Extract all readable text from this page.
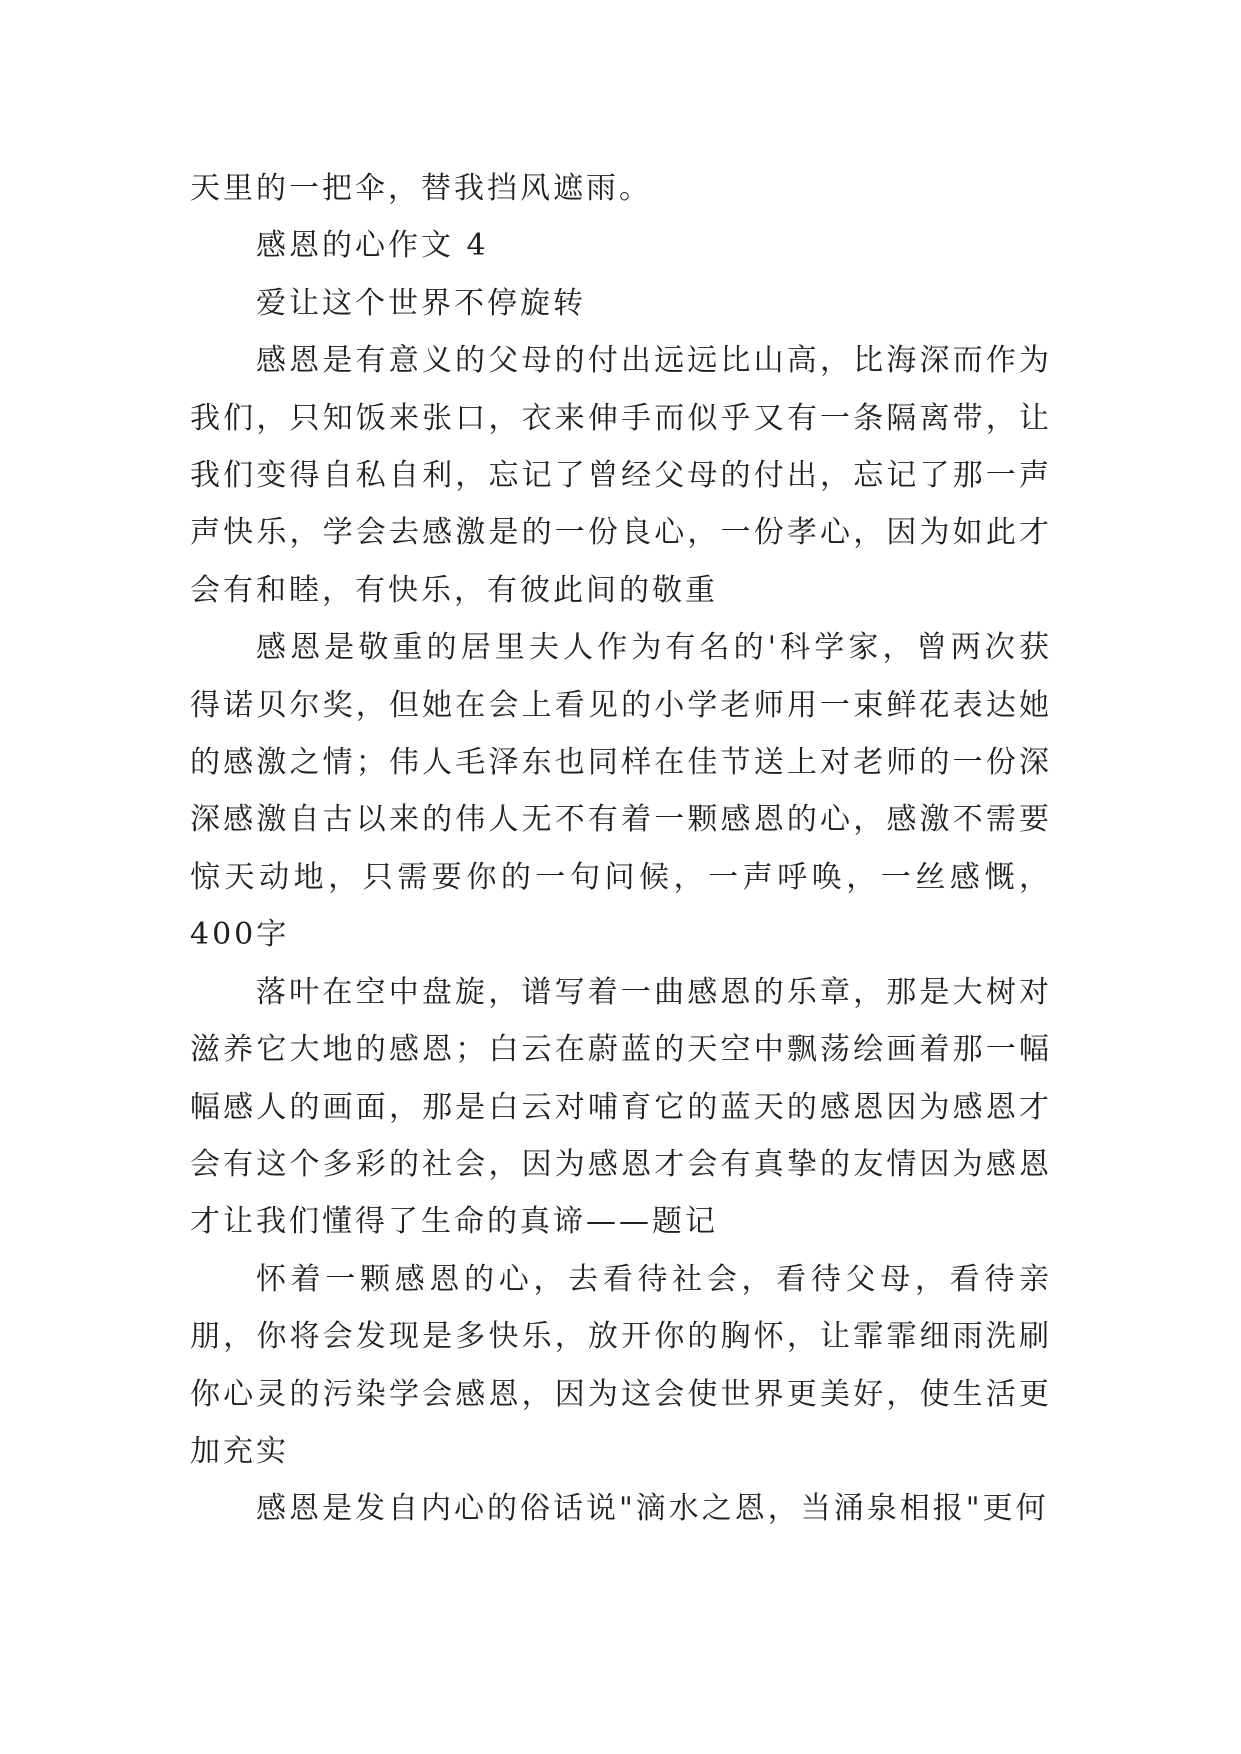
天里的一把伞，替我挡风遮雨。

感恩的心作文 4

爱让这个世界不停旋转

感恩是有意义的父母的付出远远比山高，比海深而作为我们，只知饭来张口，衣来伸手而似乎又有一条隔离带，让我们变得自私自利，忘记了曾经父母的付出，忘记了那一声声快乐，学会去感激是的一份良心，一份孝心，因为如此才会有和睦，有快乐，有彼此间的敬重

感恩是敬重的居里夫人作为有名的'科学家，曾两次获得诺贝尔奖，但她在会上看见的小学老师用一束鲜花表达她的感激之情；伟人毛泽东也同样在佳节送上对老师的一份深深感激自古以来的伟人无不有着一颗感恩的心，感激不需要惊天动地，只需要你的一句问候，一声呼唤，一丝感慨，400字

落叶在空中盘旋，谱写着一曲感恩的乐章，那是大树对滋养它大地的感恩；白云在蔚蓝的天空中飘荡绘画着那一幅幅感人的画面，那是白云对哺育它的蓝天的感恩因为感恩才会有这个多彩的社会，因为感恩才会有真挚的友情因为感恩才让我们懂得了生命的真谛——题记

怀着一颗感恩的心，去看待社会，看待父母，看待亲朋，你将会发现是多快乐，放开你的胸怀，让霏霏细雨洗刷你心灵的污染学会感恩，因为这会使世界更美好，使生活更加充实

感恩是发自内心的俗话说"滴水之恩，当涌泉相报"更何
